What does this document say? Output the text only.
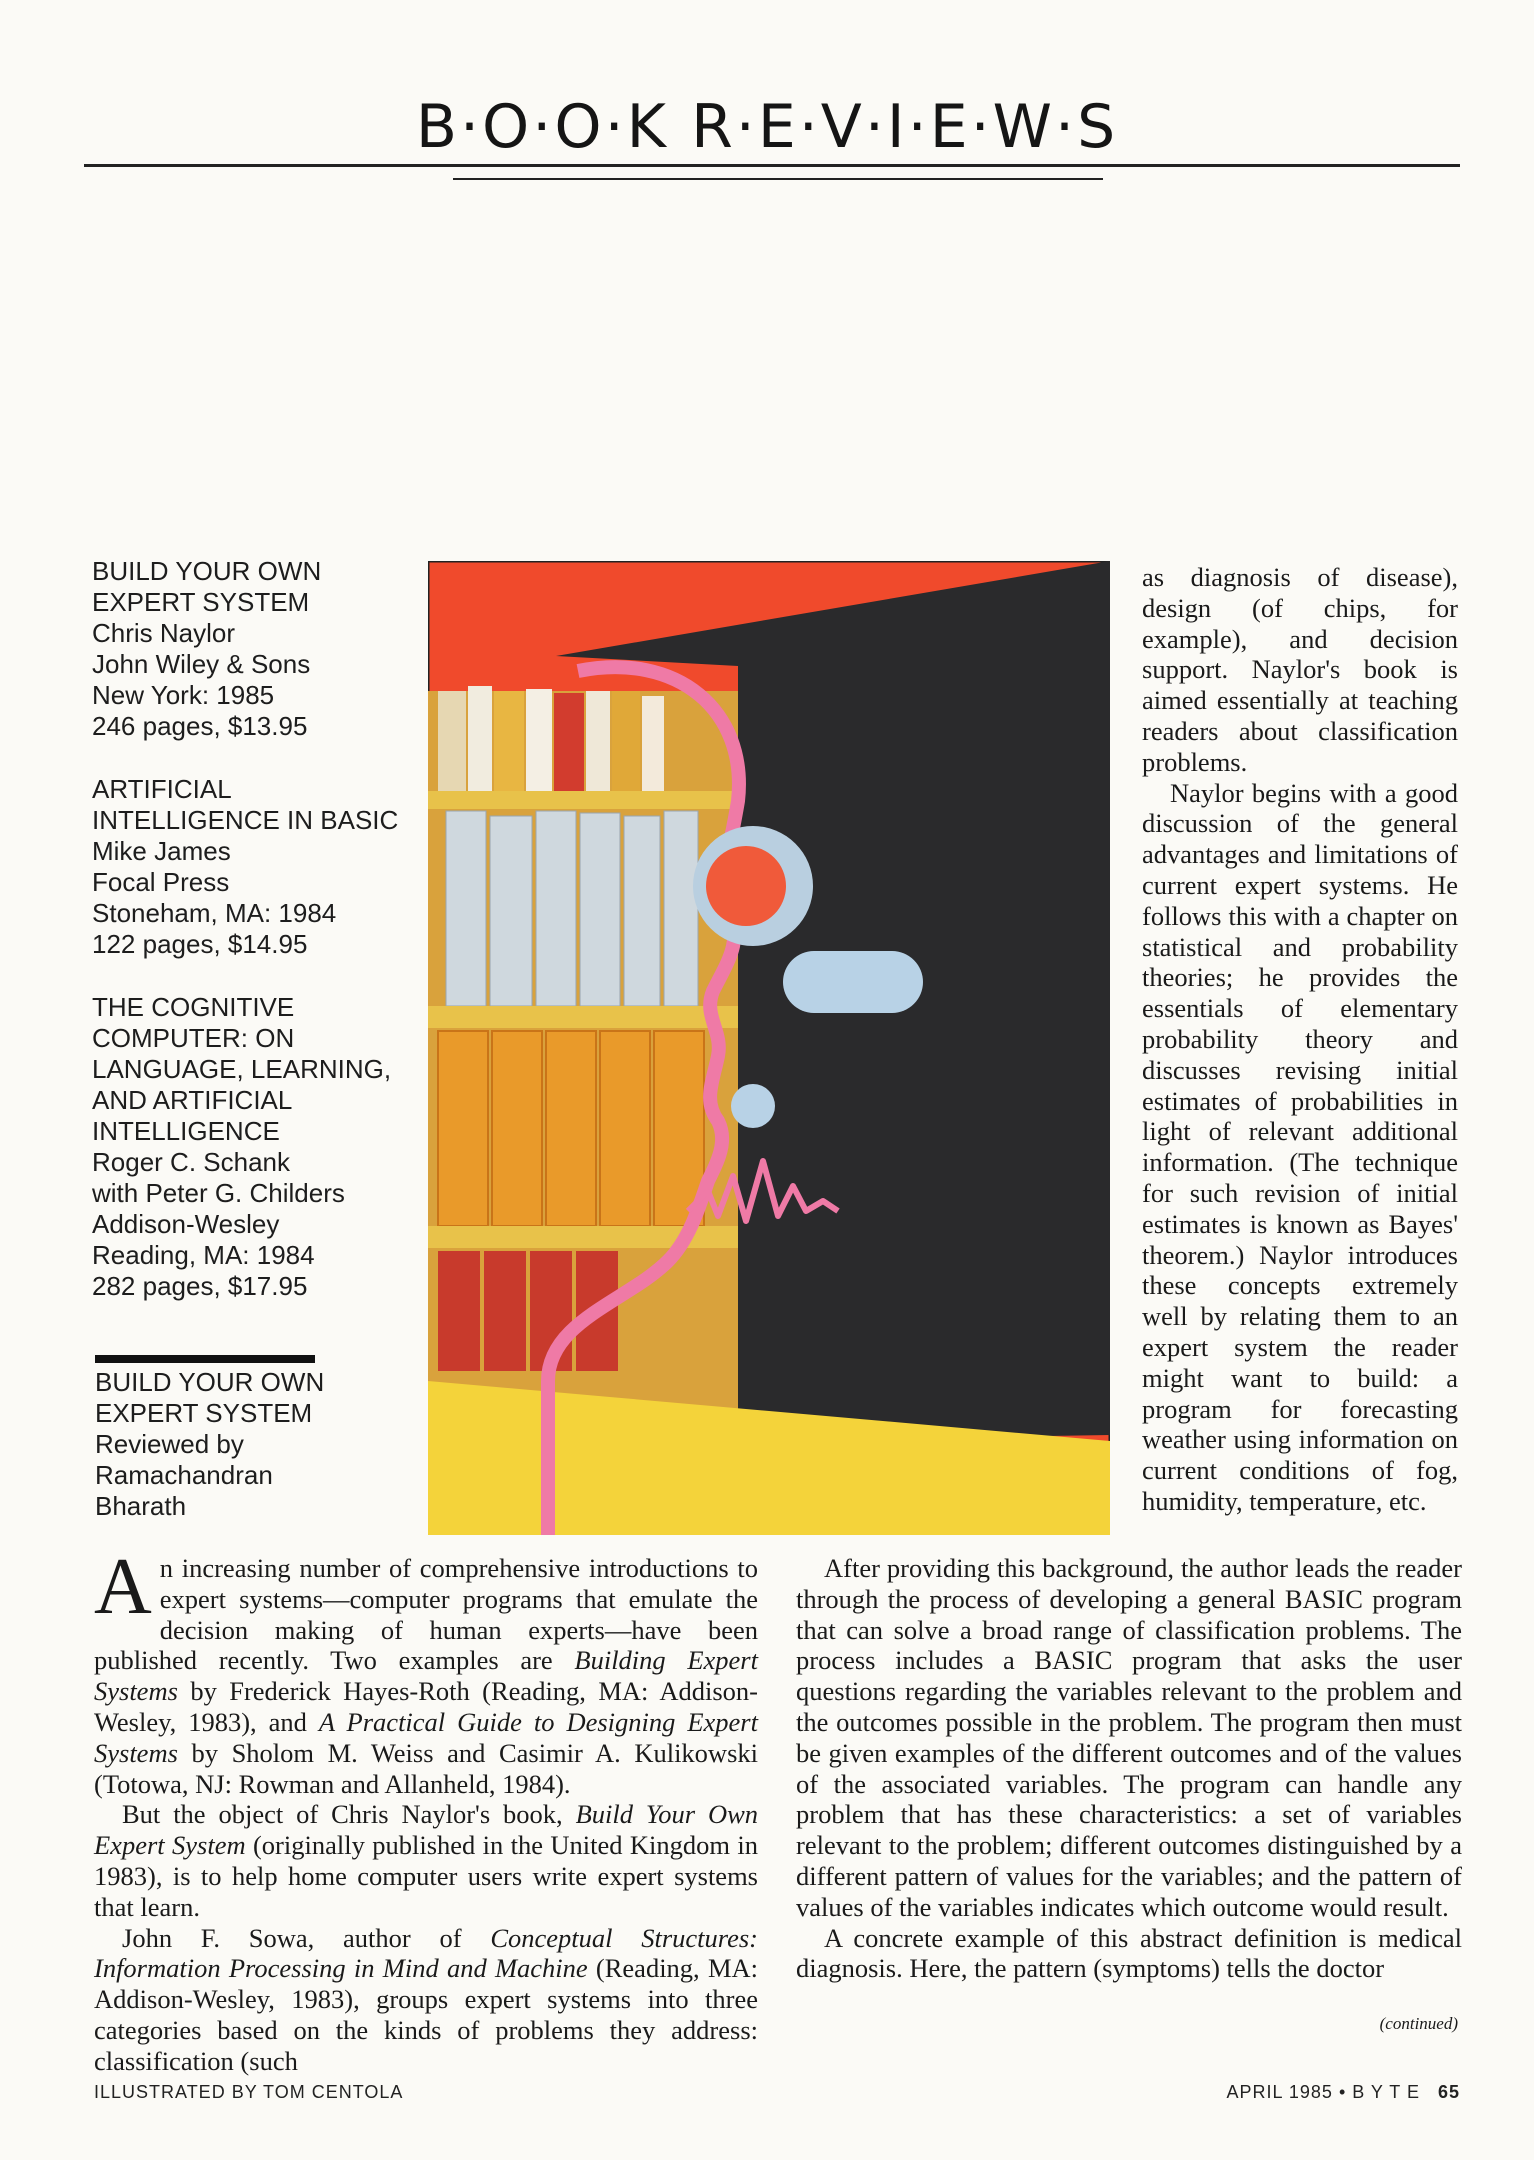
B·O·O·K R·E·V·I·E·W·S
BUILD YOUR OWN
EXPERT SYSTEM
Chris Naylor
John Wiley & Sons
New York: 1985
246 pages, $13.95
ARTIFICIAL
INTELLIGENCE IN BASIC
Mike James
Focal Press
Stoneham, MA: 1984
122 pages, $14.95
THE COGNITIVE
COMPUTER: ON
LANGUAGE, LEARNING,
AND ARTIFICIAL
INTELLIGENCE
Roger C. Schank
with Peter G. Childers
Addison-Wesley
Reading, MA: 1984
282 pages, $17.95
BUILD YOUR OWN
EXPERT SYSTEM
Reviewed by
Ramachandran
Bharath

as diagnosis of disease), design (of chips, for example), and decision support. Naylor's book is aimed essentially at teaching readers about classification problems.

Naylor begins with a good discussion of the general advantages and limitations of current expert systems. He follows this with a chapter on statistical and probability theories; he provides the essentials of elementary probability theory and discusses revising initial estimates of probabilities in light of relevant additional information. (The technique for such revision of initial estimates is known as Bayes' theorem.) Naylor introduces these concepts extremely well by relating them to an expert system the reader might want to build: a program for forecasting weather using information on current conditions of fog, humidity, temperature, etc.

An increasing number of comprehensive introductions to expert systems—computer programs that emulate the decision making of human experts—have been published recently. Two examples are Building Expert Systems by Frederick Hayes-Roth (Reading, MA: Addison-Wesley, 1983), and A Practical Guide to Designing Expert Systems by Sholom M. Weiss and Casimir A. Kulikowski (Totowa, NJ: Rowman and Allanheld, 1984).

But the object of Chris Naylor's book, Build Your Own Expert System (originally published in the United Kingdom in 1983), is to help home computer users write expert systems that learn.

John F. Sowa, author of Conceptual Structures: Information Processing in Mind and Machine (Reading, MA: Addison-Wesley, 1983), groups expert systems into three categories based on the kinds of problems they address: classification (such

After providing this background, the author leads the reader through the process of developing a general BASIC program that can solve a broad range of classification problems. The process includes a BASIC program that asks the user questions regarding the variables relevant to the problem and the outcomes possible in the problem. The program then must be given examples of the different outcomes and of the values of the associated variables. The program can handle any problem that has these characteristics: a set of variables relevant to the problem; different outcomes distinguished by a different pattern of values for the variables; and the pattern of values of the variables indicates which outcome would result.

A concrete example of this abstract definition is medical diagnosis. Here, the pattern (symptoms) tells the doctor

(continued)
ILLUSTRATED BY TOM CENTOLA	APRIL 1985 • B Y T E 65
